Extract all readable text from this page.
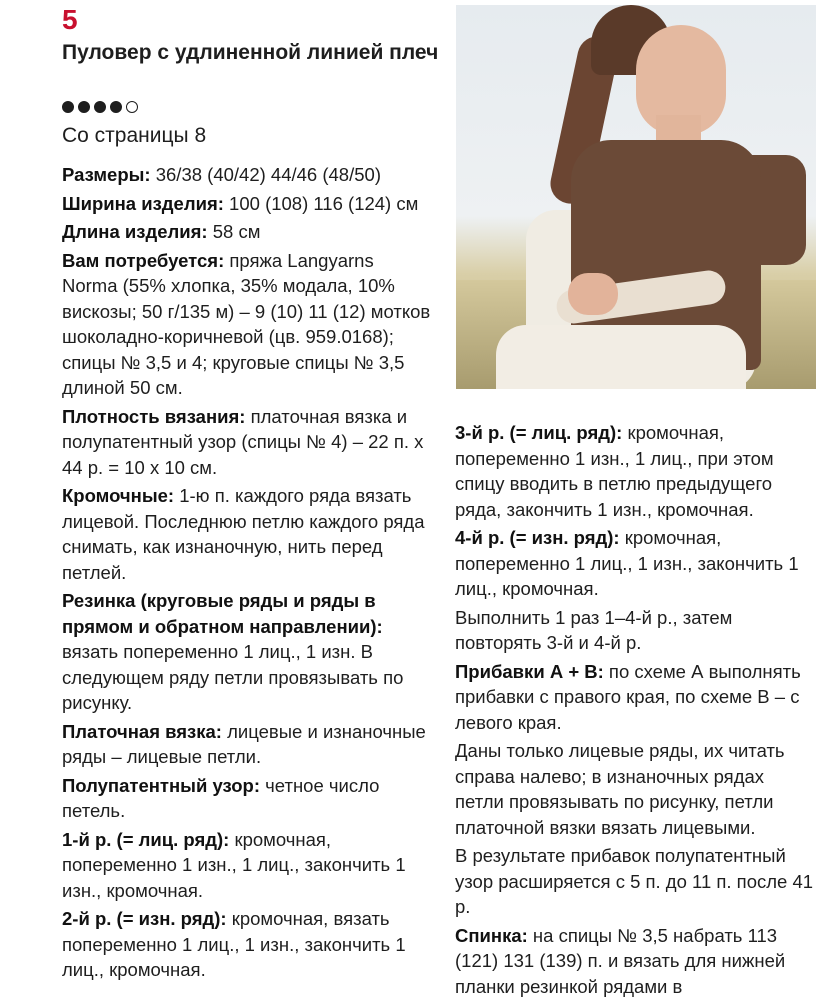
5
Пуловер с удлиненной линией плеч
Со страницы 8

Размеры: 36/38 (40/42) 44/46 (48/50)

Ширина изделия: 100 (108) 116 (124) см

Длина изделия: 58 см

Вам потребуется: пряжа Langyarns Norma (55% хлопка, 35% модала, 10% вискозы; 50 г/135 м) – 9 (10) 11 (12) мотков шоколадно-коричневой (цв. 959.0168); спицы № 3,5 и 4; круговые спицы № 3,5 длиной 50 см.

Плотность вязания: платочная вязка и полупатентный узор (спицы № 4) – 22 п. х 44 р. = 10 х 10 см.

Кромочные: 1-ю п. каждого ряда вязать лицевой. Последнюю петлю каждого ряда снимать, как изнаночную, нить перед петлей.

Резинка (круговые ряды и ряды в прямом и обратном направлении): вязать попеременно 1 лиц., 1 изн. В следующем ряду петли провязывать по рисунку.

Платочная вязка: лицевые и изнаночные ряды – лицевые петли.

Полупатентный узор: четное число петель.

1-й р. (= лиц. ряд): кромочная, попеременно 1 изн., 1 лиц., закончить 1 изн., кромочная.

2-й р. (= изн. ряд): кромочная, вязать попеременно 1 лиц., 1 изн., закончить 1 лиц., кромочная.

3-й р. (= лиц. ряд): кромочная, попеременно 1 изн., 1 лиц., при этом спицу вводить в петлю предыдущего ряда, закончить 1 изн., кромочная.

4-й р. (= изн. ряд): кромочная, попеременно 1 лиц., 1 изн., закончить 1 лиц., кромочная.

Выполнить 1 раз 1–4-й р., затем повторять 3-й и 4-й р.

Прибавки А + В: по схеме А выполнять прибавки с правого края, по схеме В – с левого края.

Даны только лицевые ряды, их читать справа налево; в изнаночных рядах петли провязывать по рисунку, петли платочной вязки вязать лицевыми.

В результате прибавок полупатентный узор расширяется с 5 п. до 11 п. после 41 р.

Спинка: на спицы № 3,5 набрать 113 (121) 131 (139) п. и вязать для нижней планки резинкой рядами в
